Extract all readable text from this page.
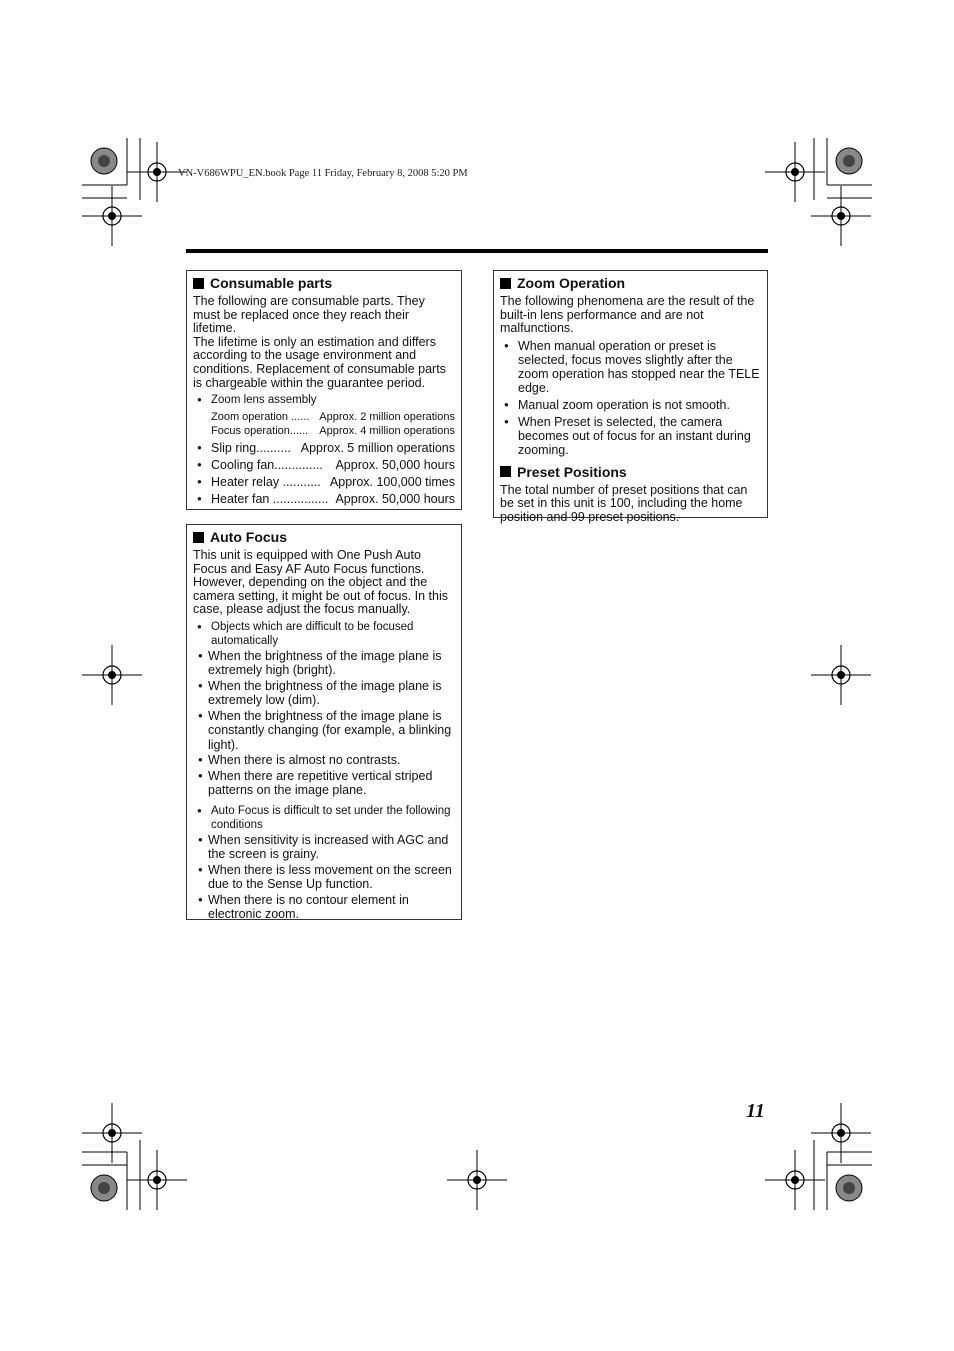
VN-V686WPU_EN.book Page 11 Friday, February 8, 2008 5:20 PM
Consumable parts

The following are consumable parts. They must be replaced once they reach their lifetime.

The lifetime is only an estimation and differs according to the usage environment and conditions. Replacement of consumable parts is chargeable within the guarantee period.

● Zoom lens assembly
Zoom operation ...... Approx. 2 million operations
Focus operation...... Approx. 4 million operations
● Slip ring.......... Approx. 5 million operations
● Cooling fan.............. Approx. 50,000 hours
● Heater relay ........... Approx. 100,000 times
● Heater fan ................ Approx. 50,000 hours
Auto Focus

This unit is equipped with One Push Auto Focus and Easy AF Auto Focus functions. However, depending on the object and the camera setting, it might be out of focus. In this case, please adjust the focus manually.

● Objects which are difficult to be focused automatically
● When the brightness of the image plane is extremely high (bright).
● When the brightness of the image plane is extremely low (dim).
● When the brightness of the image plane is constantly changing (for example, a blinking light).
● When there is almost no contrasts.
● When there are repetitive vertical striped patterns on the image plane.
● Auto Focus is difficult to set under the following conditions
● When sensitivity is increased with AGC and the screen is grainy.
● When there is less movement on the screen due to the Sense Up function.
● When there is no contour element in electronic zoom.
Zoom Operation

The following phenomena are the result of the built-in lens performance and are not malfunctions.

● When manual operation or preset is selected, focus moves slightly after the zoom operation has stopped near the TELE edge.
● Manual zoom operation is not smooth.
● When Preset is selected, the camera becomes out of focus for an instant during zooming.
Preset Positions

The total number of preset positions that can be set in this unit is 100, including the home position and 99 preset positions.

11
